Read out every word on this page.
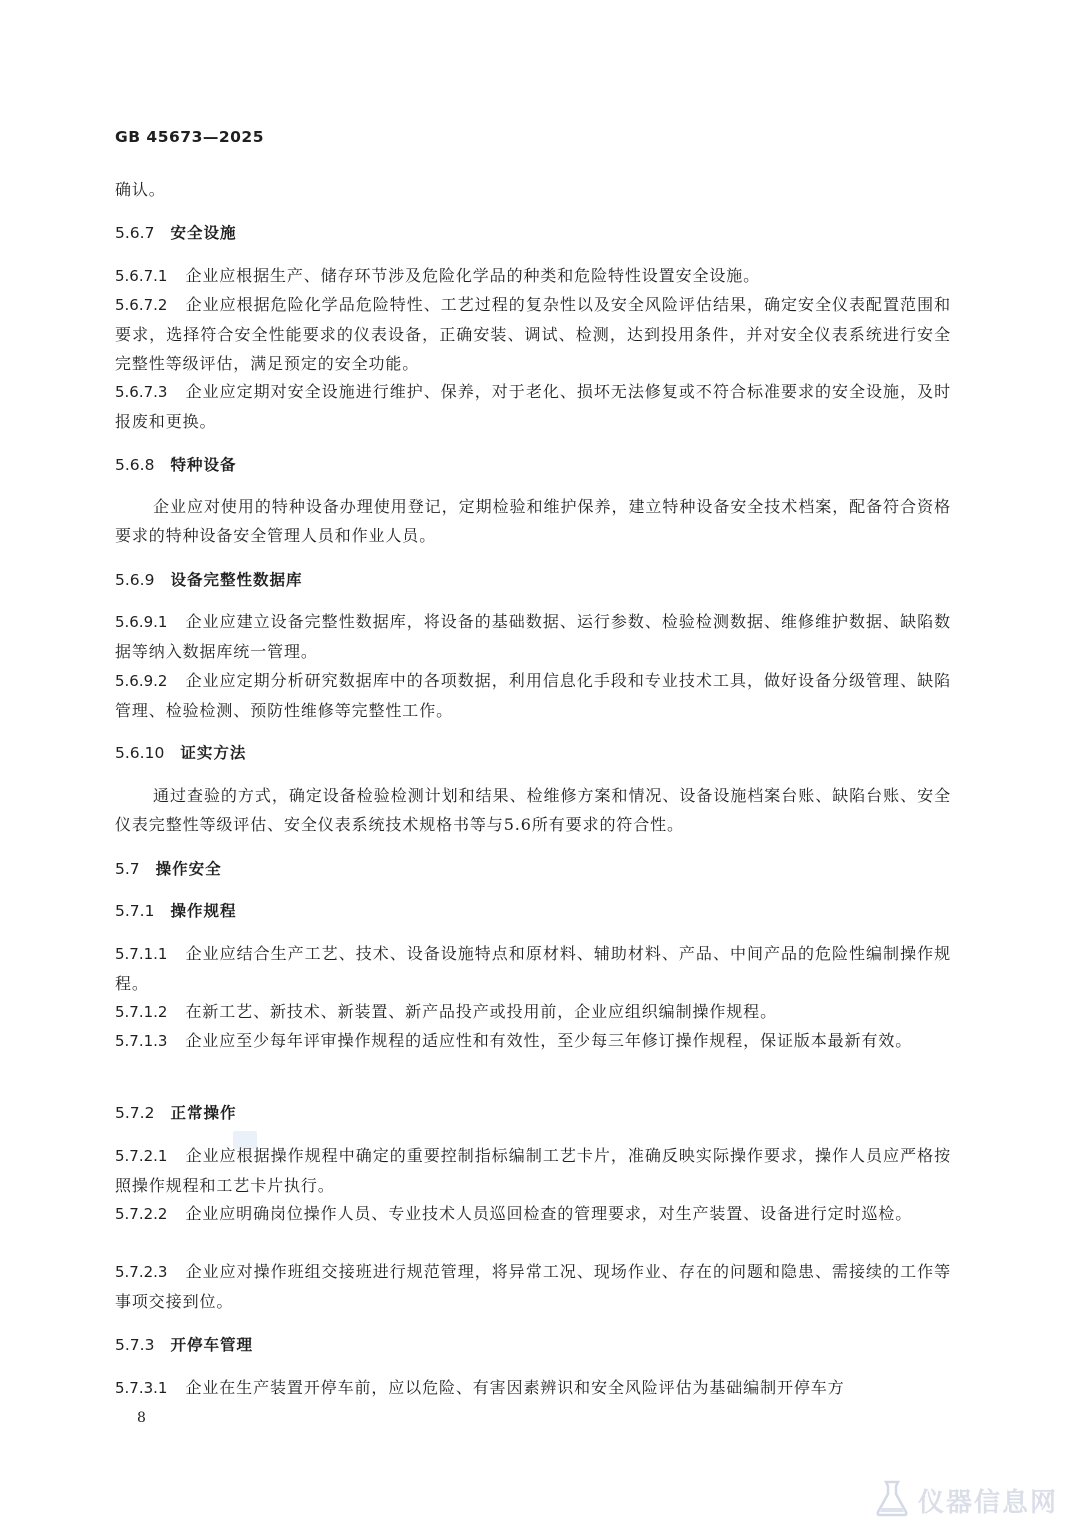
GB 45673—2025
确认。
5.6.7 安全设施
5.6.7.1 企业应根据生产、储存环节涉及危险化学品的种类和危险特性设置安全设施。
5.6.7.2 企业应根据危险化学品危险特性、工艺过程的复杂性以及安全风险评估结果，确定安全仪表配置范围和要求，选择符合安全性能要求的仪表设备，正确安装、调试、检测，达到投用条件，并对安全仪表系统进行安全完整性等级评估，满足预定的安全功能。
5.6.7.3 企业应定期对安全设施进行维护、保养，对于老化、损坏无法修复或不符合标准要求的安全设施，及时报废和更换。
5.6.8 特种设备
企业应对使用的特种设备办理使用登记，定期检验和维护保养，建立特种设备安全技术档案，配备符合资格要求的特种设备安全管理人员和作业人员。
5.6.9 设备完整性数据库
5.6.9.1 企业应建立设备完整性数据库，将设备的基础数据、运行参数、检验检测数据、维修维护数据、缺陷数据等纳入数据库统一管理。
5.6.9.2 企业应定期分析研究数据库中的各项数据，利用信息化手段和专业技术工具，做好设备分级管理、缺陷管理、检验检测、预防性维修等完整性工作。
5.6.10 证实方法
通过查验的方式，确定设备检验检测计划和结果、检维修方案和情况、设备设施档案台账、缺陷台账、安全仪表完整性等级评估、安全仪表系统技术规格书等与5.6所有要求的符合性。
5.7 操作安全
5.7.1 操作规程
5.7.1.1 企业应结合生产工艺、技术、设备设施特点和原材料、辅助材料、产品、中间产品的危险性编制操作规程。
5.7.1.2 在新工艺、新技术、新装置、新产品投产或投用前，企业应组织编制操作规程。
5.7.1.3 企业应至少每年评审操作规程的适应性和有效性，至少每三年修订操作规程，保证版本最新有效。
5.7.2 正常操作
5.7.2.1 企业应根据操作规程中确定的重要控制指标编制工艺卡片，准确反映实际操作要求，操作人员应严格按照操作规程和工艺卡片执行。
5.7.2.2 企业应明确岗位操作人员、专业技术人员巡回检查的管理要求，对生产装置、设备进行定时巡检。
5.7.2.3 企业应对操作班组交接班进行规范管理，将异常工况、现场作业、存在的问题和隐患、需接续的工作等事项交接到位。
5.7.3 开停车管理
5.7.3.1 企业在生产装置开停车前，应以危险、有害因素辨识和安全风险评估为基础编制开停车方
8
仪器信息网
